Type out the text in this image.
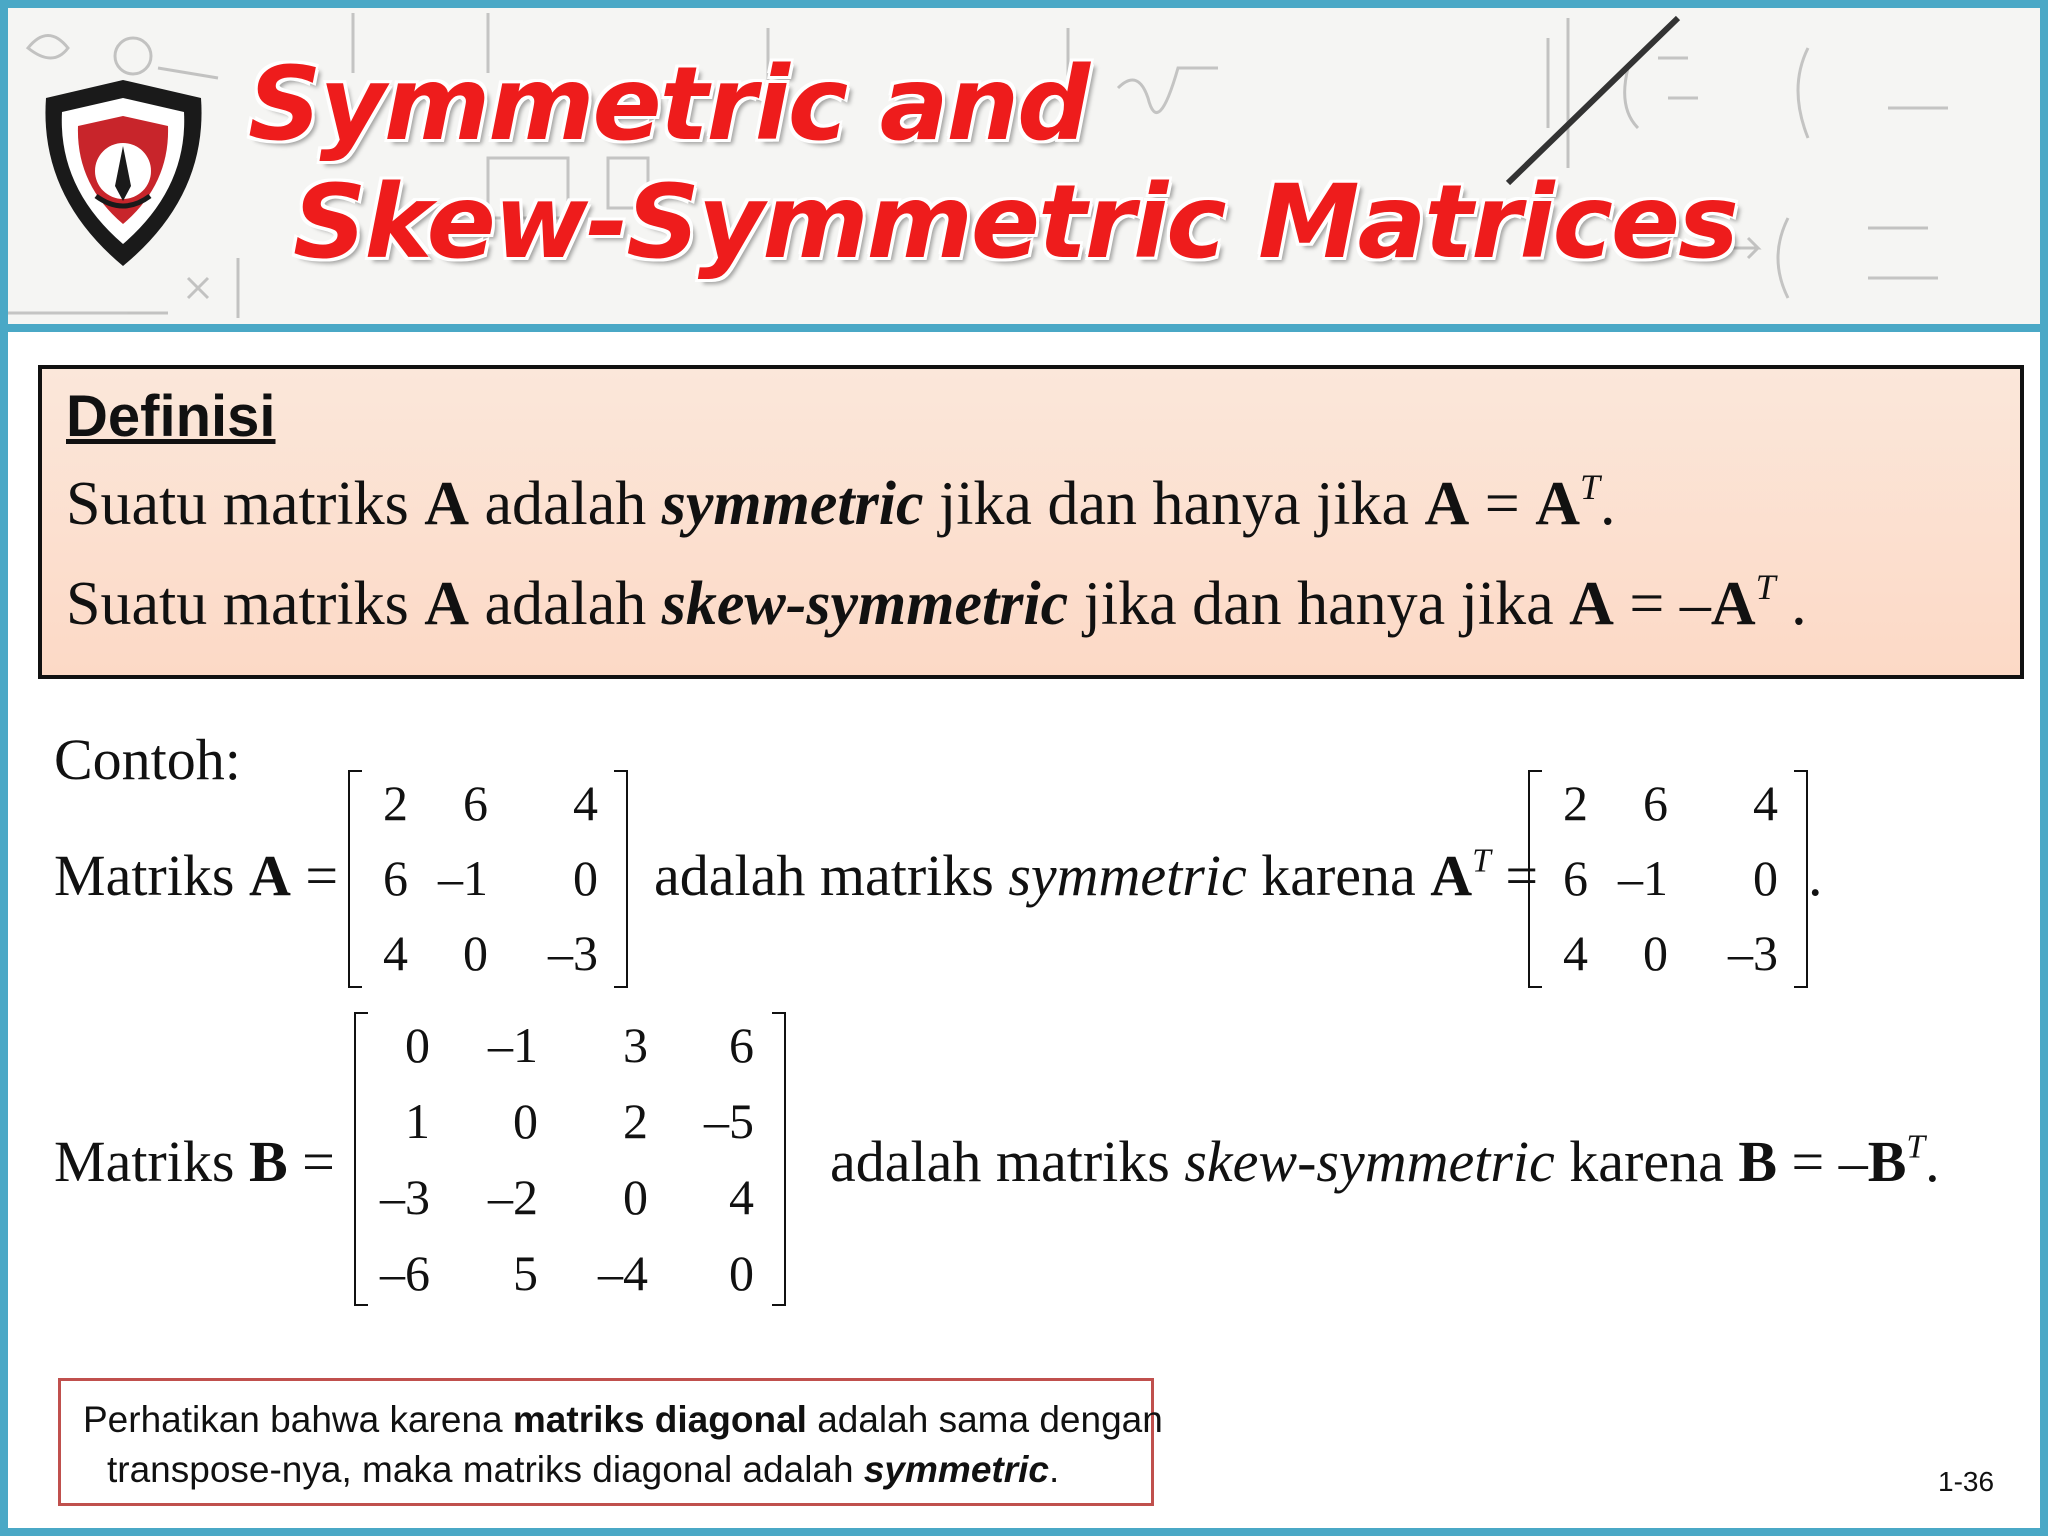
Symmetric and
Skew-Symmetric Matrices
Definisi
Suatu matriks A adalah symmetric jika dan hanya jika $A = A^T$.
Suatu matriks A adalah skew-symmetric jika dan hanya jika $A = -A^T$ .
Contoh:
Matriks A =
2	6	4
6 –1	0
4	0	–3
adalah matriks symmetric karena $A^T$ =
2	6	4
6 –1	0
4	0	–3
.
Matriks B =
0	–1	3	6
1	0	2	–5
–3	–2	0	4
–6	5	–4	0
adalah matriks skew-symmetric karena $B = -B^T$.
Perhatikan bahwa karena matriks diagonal adalah sama dengan
transpose-nya, maka matriks diagonal adalah symmetric.	1-36
